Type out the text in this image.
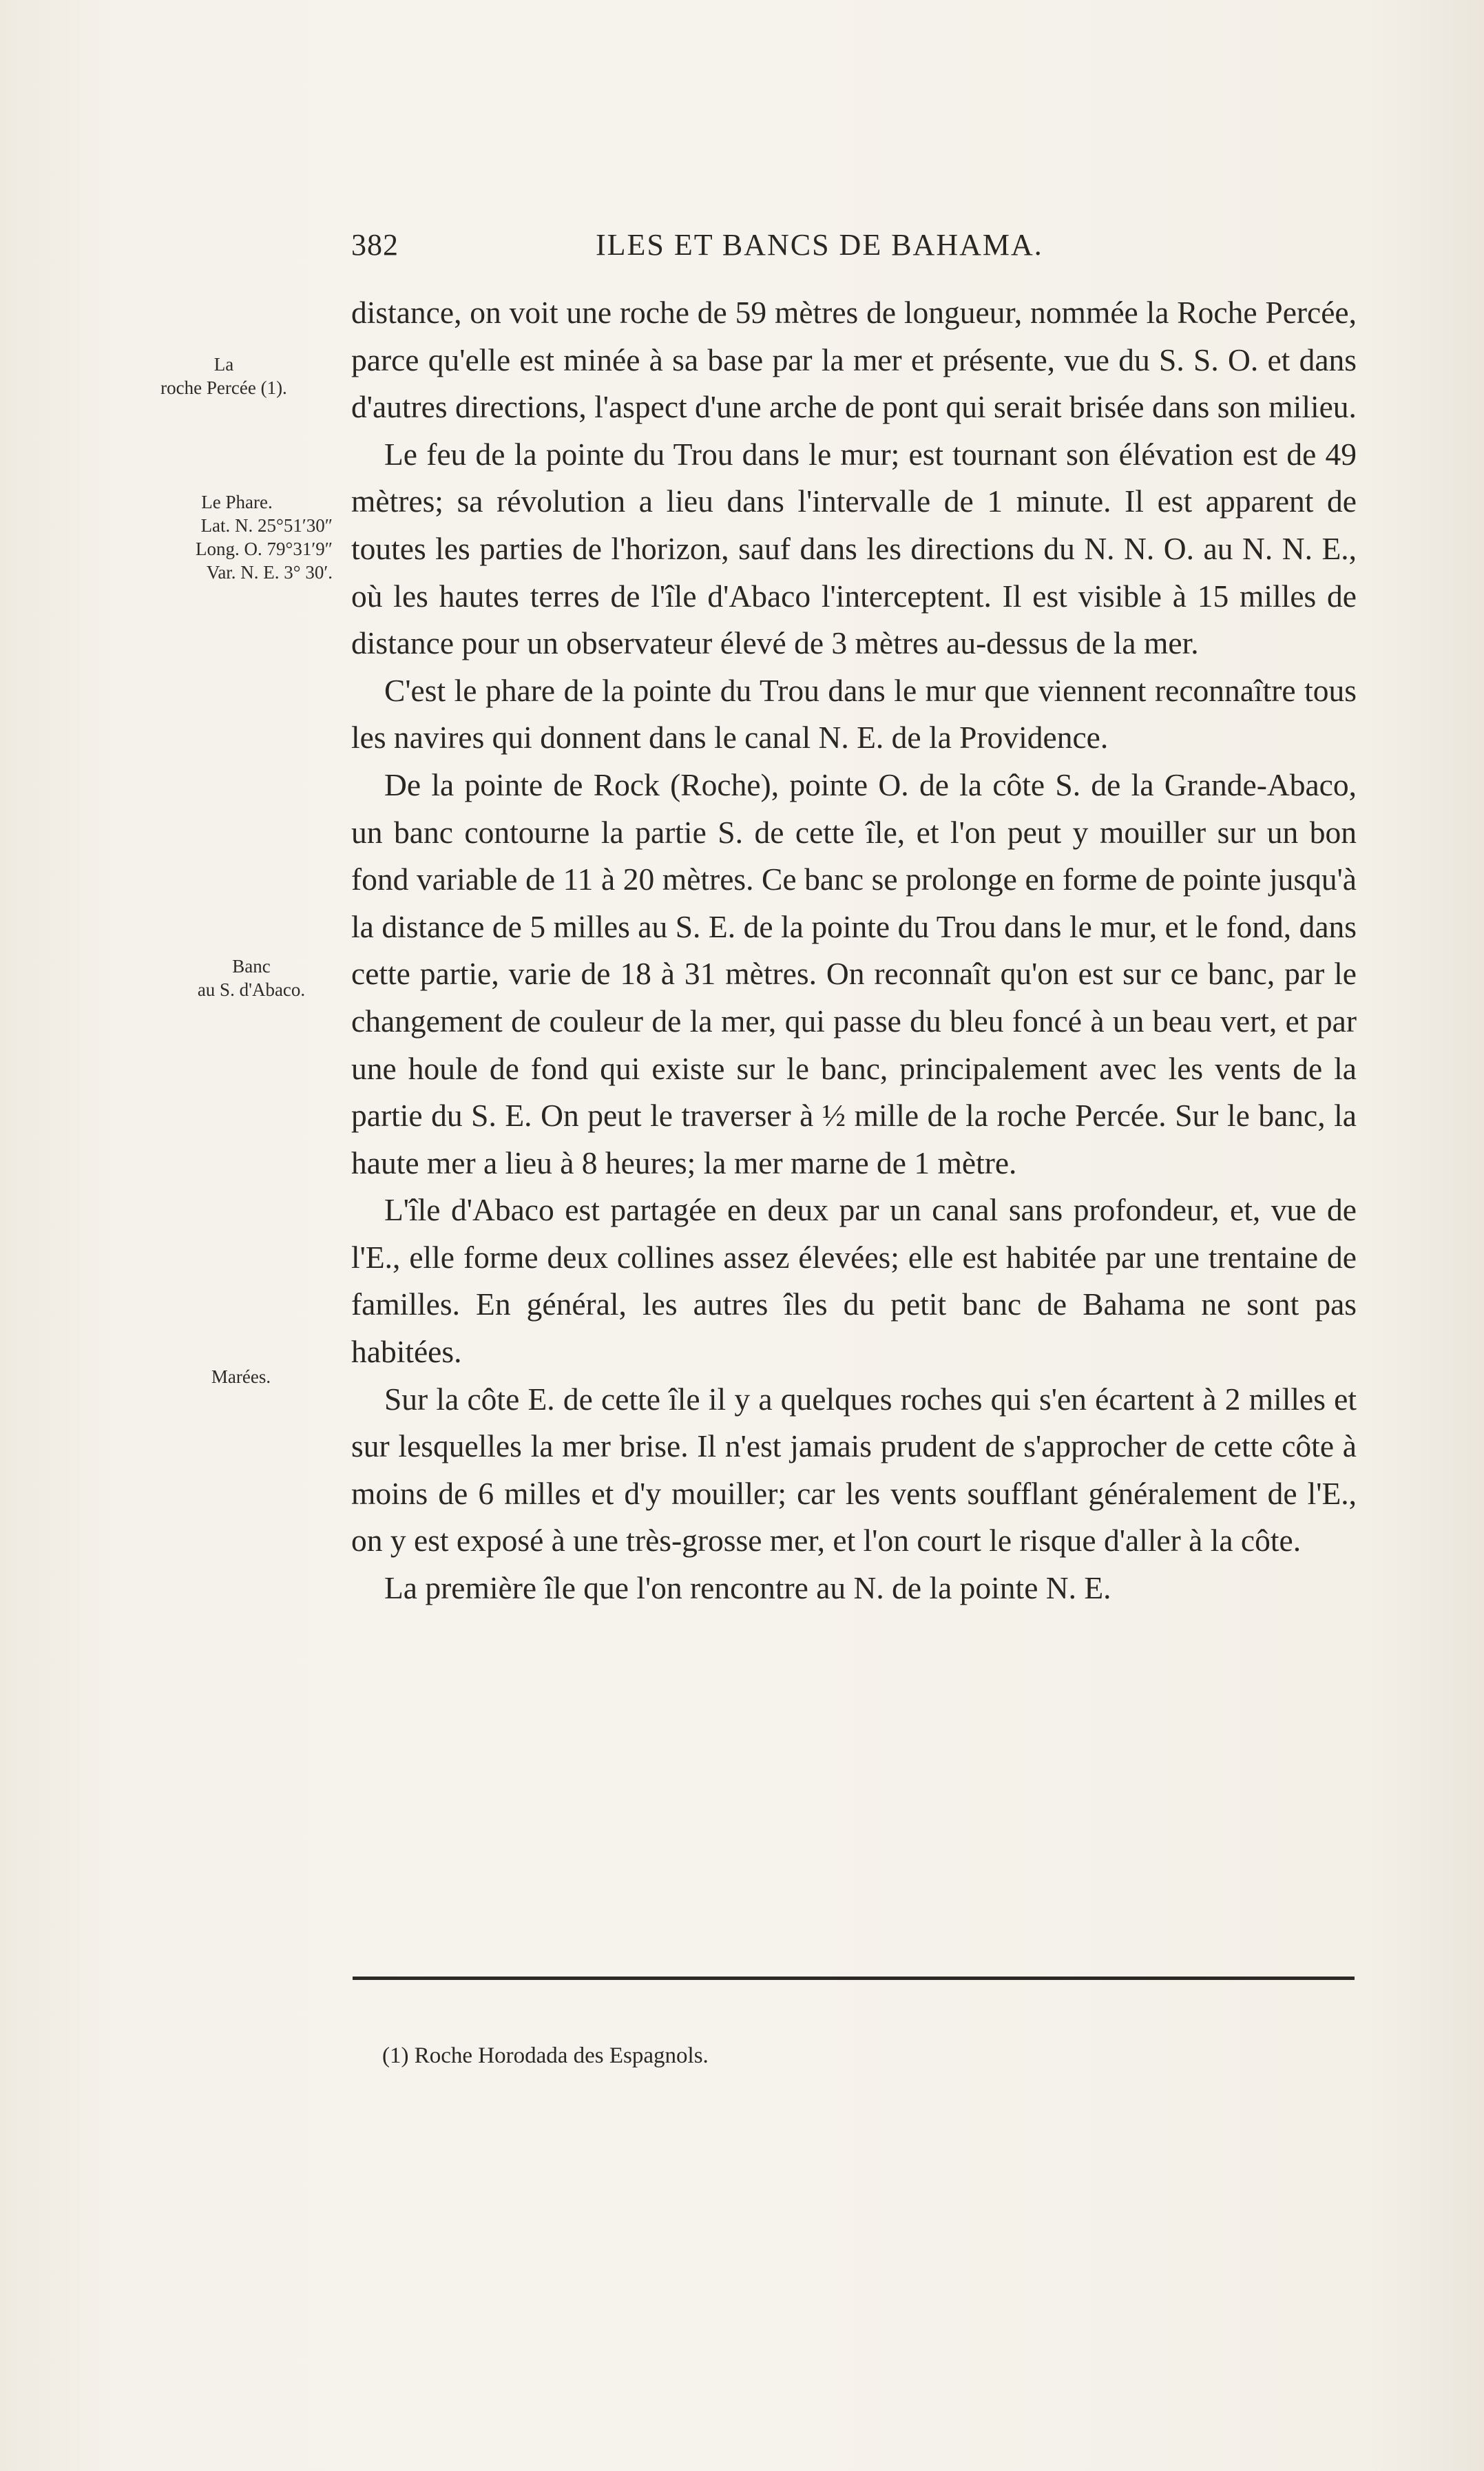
382	ILES ET BANCS DE BAHAMA.
La
roche Percée (1).
Le Phare.
Lat. N. 25°51′30″
Long. O. 79°31′9″
Var. N. E. 3° 30′.
Banc
au S. d'Abaco.
Marées.

distance, on voit une roche de 59 mètres de longueur, nommée la Roche Percée, parce qu'elle est minée à sa base par la mer et présente, vue du S. S. O. et dans d'autres directions, l'aspect d'une arche de pont qui serait brisée dans son milieu.

Le feu de la pointe du Trou dans le mur; est tournant son élévation est de 49 mètres; sa révolution a lieu dans l'intervalle de 1 minute. Il est apparent de toutes les parties de l'horizon, sauf dans les directions du N. N. O. au N. N. E., où les hautes terres de l'île d'Abaco l'interceptent. Il est visible à 15 milles de distance pour un observateur élevé de 3 mètres au-dessus de la mer.

C'est le phare de la pointe du Trou dans le mur que viennent reconnaître tous les navires qui donnent dans le canal N. E. de la Providence.

De la pointe de Rock (Roche), pointe O. de la côte S. de la Grande-Abaco, un banc contourne la partie S. de cette île, et l'on peut y mouiller sur un bon fond variable de 11 à 20 mètres. Ce banc se prolonge en forme de pointe jusqu'à la distance de 5 milles au S. E. de la pointe du Trou dans le mur, et le fond, dans cette partie, varie de 18 à 31 mètres. On reconnaît qu'on est sur ce banc, par le changement de couleur de la mer, qui passe du bleu foncé à un beau vert, et par une houle de fond qui existe sur le banc, principalement avec les vents de la partie du S. E. On peut le traverser à ½ mille de la roche Percée. Sur le banc, la haute mer a lieu à 8 heures; la mer marne de 1 mètre.

L'île d'Abaco est partagée en deux par un canal sans profondeur, et, vue de l'E., elle forme deux collines assez élevées; elle est habitée par une trentaine de familles. En général, les autres îles du petit banc de Bahama ne sont pas habitées.

Sur la côte E. de cette île il y a quelques roches qui s'en écartent à 2 milles et sur lesquelles la mer brise. Il n'est jamais prudent de s'approcher de cette côte à moins de 6 milles et d'y mouiller; car les vents soufflant généralement de l'E., on y est exposé à une très-grosse mer, et l'on court le risque d'aller à la côte.

La première île que l'on rencontre au N. de la pointe N. E.

(1) Roche Horodada des Espagnols.
